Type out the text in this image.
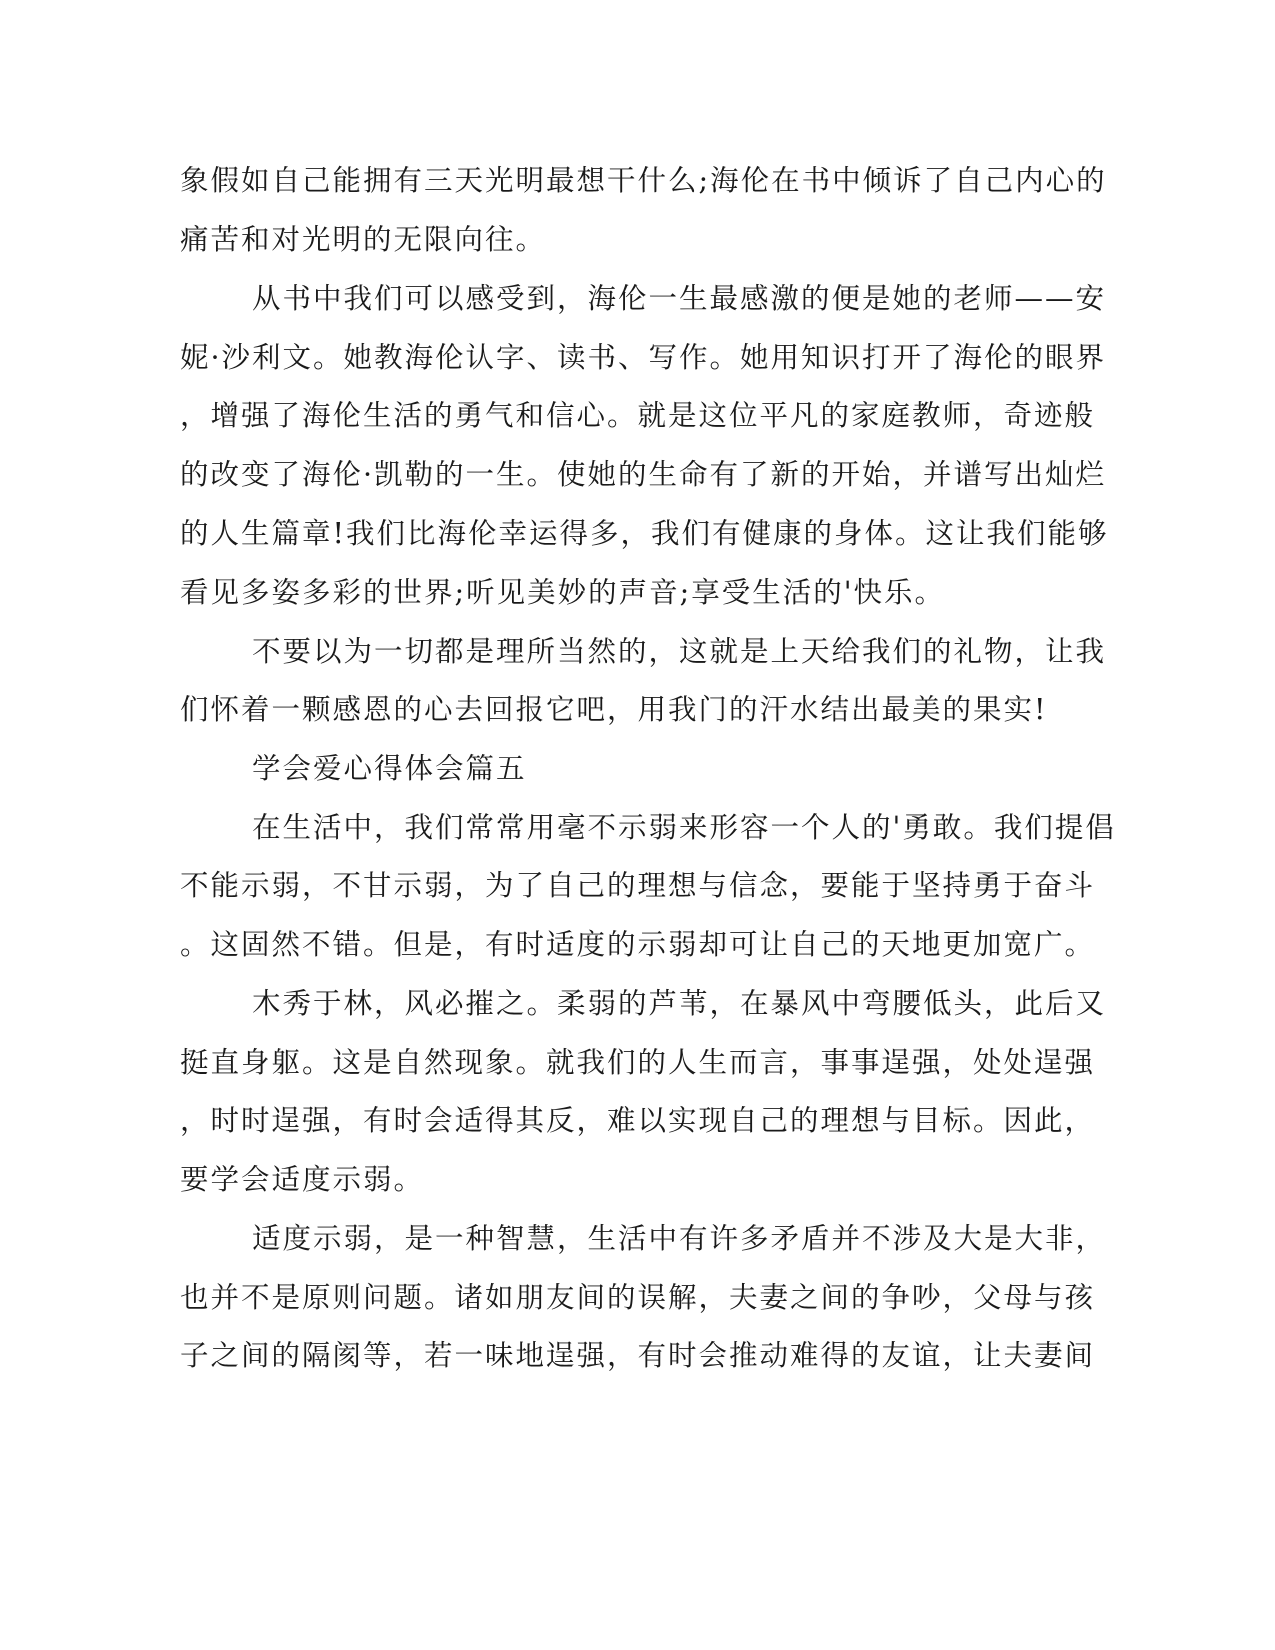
象假如自己能拥有三天光明最想干什么;海伦在书中倾诉了自己内心的
痛苦和对光明的无限向往。
从书中我们可以感受到，海伦一生最感激的便是她的老师——安
妮·沙利文。她教海伦认字、读书、写作。她用知识打开了海伦的眼界
，增强了海伦生活的勇气和信心。就是这位平凡的家庭教师，奇迹般
的改变了海伦·凯勒的一生。使她的生命有了新的开始，并谱写出灿烂
的人生篇章!我们比海伦幸运得多，我们有健康的身体。这让我们能够
看见多姿多彩的世界;听见美妙的声音;享受生活的'快乐。
不要以为一切都是理所当然的，这就是上天给我们的礼物，让我
们怀着一颗感恩的心去回报它吧，用我门的汗水结出最美的果实!
学会爱心得体会篇五
在生活中，我们常常用毫不示弱来形容一个人的'勇敢。我们提倡
不能示弱，不甘示弱，为了自己的理想与信念，要能于坚持勇于奋斗
。这固然不错。但是，有时适度的示弱却可让自己的天地更加宽广。
木秀于林，风必摧之。柔弱的芦苇，在暴风中弯腰低头，此后又
挺直身躯。这是自然现象。就我们的人生而言，事事逞强，处处逞强
，时时逞强，有时会适得其反，难以实现自己的理想与目标。因此，
要学会适度示弱。
适度示弱，是一种智慧，生活中有许多矛盾并不涉及大是大非，
也并不是原则问题。诸如朋友间的误解，夫妻之间的争吵，父母与孩
子之间的隔阂等，若一味地逞强，有时会推动难得的友谊，让夫妻间
